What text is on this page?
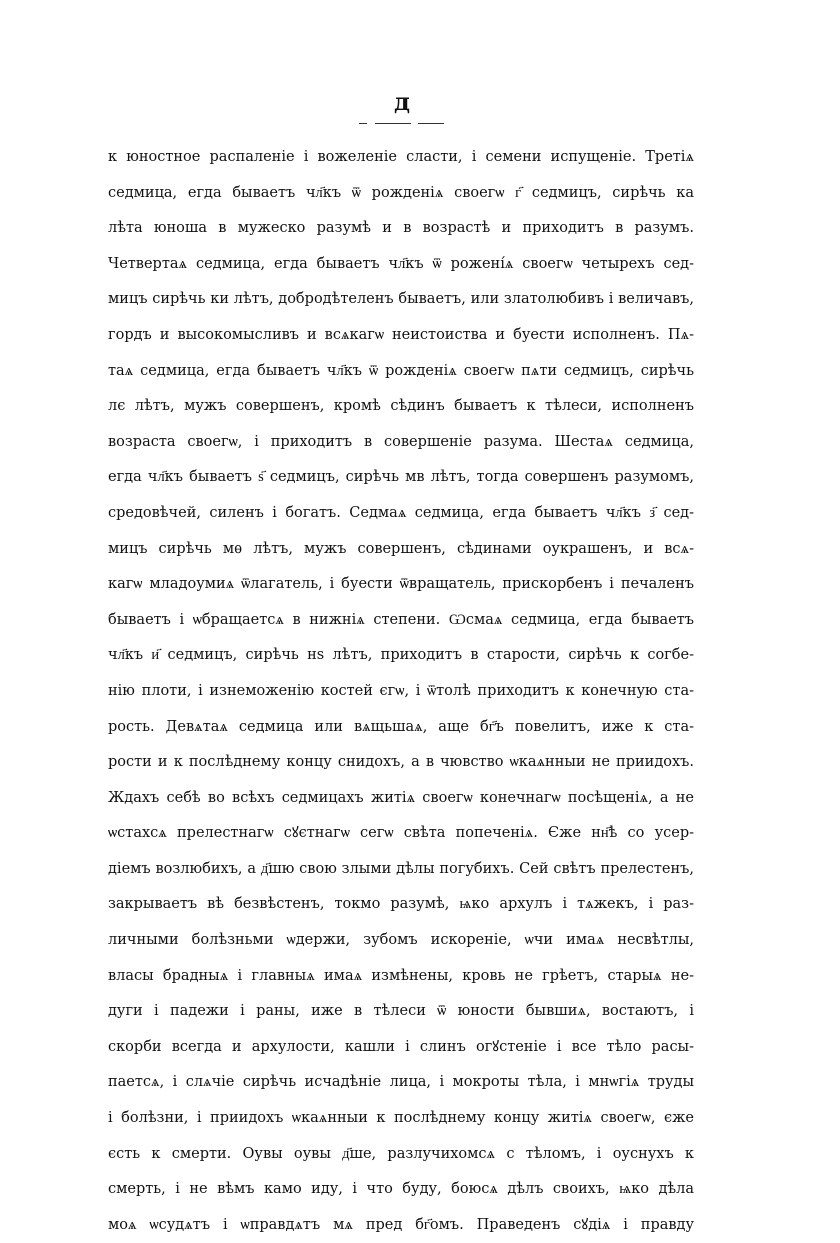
д
к юностное распаленіе і вожеленіе сласти, і семени испущеніе. Третіѧ
седмица, егда бываетъ чл҃къ ѿ рожденіѧ своегѡ г҃ седмицъ, сирѣчь ка
лѣта юноша в мужеско разумѣ и в возрастѣ и приходитъ в разумъ.
Четвертаѧ седмица, егда бываетъ чл҃къ ѿ рожені́ѧ своегѡ четырехъ сед-
мицъ сирѣчь ки лѣтъ, добродѣтеленъ бываетъ, или златолюбивъ і величавъ,
гордъ и высокомысливъ и всѧкагѡ неистоиства и буести исполненъ. Пѧ-
таѧ седмица, егда бываетъ чл҃къ ѿ рожденіѧ своегѡ пѧти седмицъ, сирѣчь
лє лѣтъ, мужъ совершенъ, кромѣ сѣдинъ бываетъ к тѣлеси, исполненъ
возраста своегѡ, і приходитъ в совершеніе разума. Шестаѧ седмица,
егда чл҃къ бываетъ ѕ҃ седмицъ, сирѣчь мв лѣтъ, тогда совершенъ разумомъ,
средовѣчей, силенъ і богатъ. Седмаѧ седмица, егда бываетъ чл҃къ з҃ сед-
мицъ сирѣчь мѳ лѣтъ, мужъ совершенъ, сѣдинами оукрашенъ, и всѧ-
кагѡ младоумиѧ ѿлагатель, і буести ѿвращатель, прискорбенъ і печаленъ
бываетъ і ѡбращаетсѧ в нижніѧ степени. Ѡсмаѧ седмица, егда бываетъ
чл҃къ и҃ седмицъ, сирѣчь нѕ лѣтъ, приходитъ в старости, сирѣчь к согбе-
нію плоти, і изнеможенію костей єгѡ, і ѿтолѣ приходитъ к конечную ста-
рость. Девѧтаѧ седмица или вѧщьшаѧ, аще бг҃ъ повелитъ, иже к ста-
рости и к послѣднему концу снидохъ, а в чювство ѡкаѧнныи не приидохъ.
Ждахъ себѣ во всѣхъ седмицахъ житіѧ своегѡ конечнагѡ посѣщеніѧ, а не
ѡстахсѧ прелестнагѡ сꙋєтнагѡ сегѡ свѣта попеченіѧ. Єже нн҃ѣ со усер-
діемъ возлюбихъ, а д҃шю свою злыми дѣлы погубихъ. Сей свѣтъ прелестенъ,
закрываетъ вѣ безвѣстенъ, токмо разумѣ, ѩко архулъ і тѧжекъ, і раз-
личными болѣзньми ѡдержи, зубомъ искореніе, ѡчи имаѧ несвѣтлы,
власы брадныѧ і главныѧ имаѧ измѣнены, кровь не грѣетъ, старыѧ не-
дуги і падежи і раны, иже в тѣлеси ѿ юности бывшиѧ, востаютъ, і
скорби всегда и архулости, кашли і слинъ огꙋстеніе і все тѣло расы-
паетсѧ, і слѧчіе сирѣчь исчадѣніе лица, і мокроты тѣла, і мнѡгіѧ труды
і болѣзни, і приидохъ ѡкаѧнныи к послѣднему концу житіѧ своегѡ, єже
єсть к смерти. Оувы оувы д҃ше, разлучихомсѧ с тѣломъ, і оуснухъ к
смерть, і не вѣмъ камо иду, і что буду, боюсѧ дѣлъ своихъ, ѩко дѣла
моѧ ѡсудѧтъ і ѡправдѧтъ мѧ пред бг҃омъ. Праведенъ сꙋдіѧ і правду
